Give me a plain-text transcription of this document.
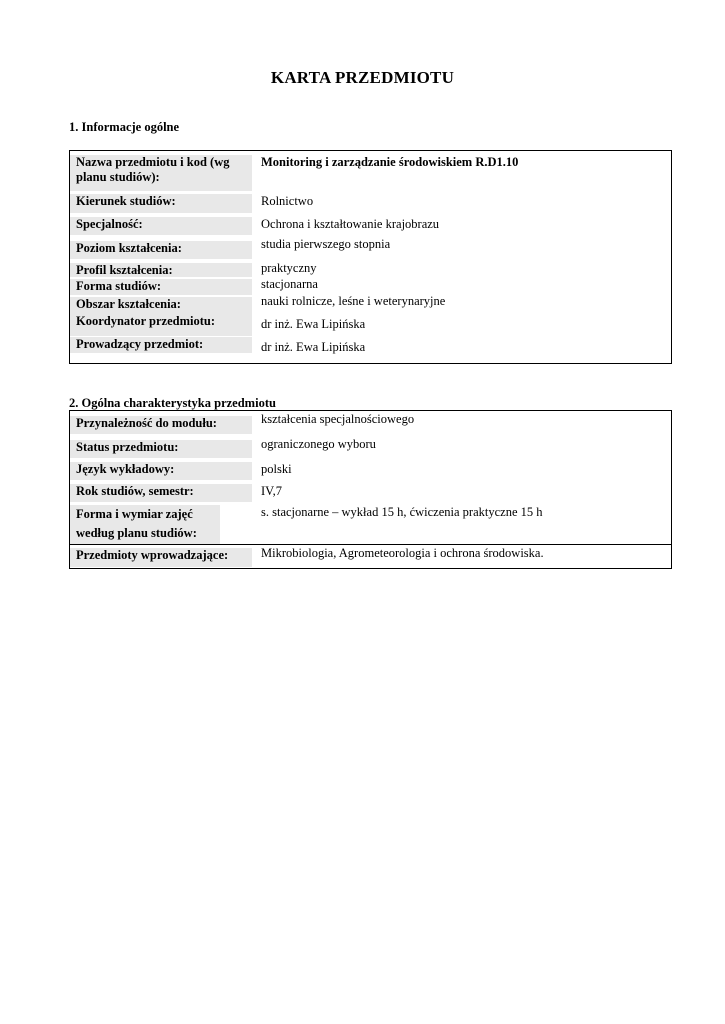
KARTA PRZEDMIOTU
1. Informacje ogólne
Nazwa przedmiotu i kod (wg planu studiów):
Monitoring i zarządzanie środowiskiem R.D1.10
Kierunek studiów:	Rolnictwo
Specjalność:	Ochrona i kształtowanie krajobrazu
Poziom kształcenia:	studia pierwszego stopnia
Profil kształcenia:	praktyczny
Forma studiów:	stacjonarna
Obszar kształcenia:	nauki rolnicze, leśne i weterynaryjne
Koordynator przedmiotu:	dr inż. Ewa Lipińska
Prowadzący przedmiot:	dr inż. Ewa Lipińska
2. Ogólna charakterystyka przedmiotu
Przynależność do modułu:	kształcenia specjalnościowego
Status przedmiotu:	ograniczonego wyboru
Język wykładowy:	polski
Rok studiów, semestr:	IV,7
Forma i wymiar zajęć według planu studiów:
s. stacjonarne – wykład 15 h, ćwiczenia praktyczne 15 h
Przedmioty wprowadzające:	Mikrobiologia, Agrometeorologia i ochrona środowiska.
